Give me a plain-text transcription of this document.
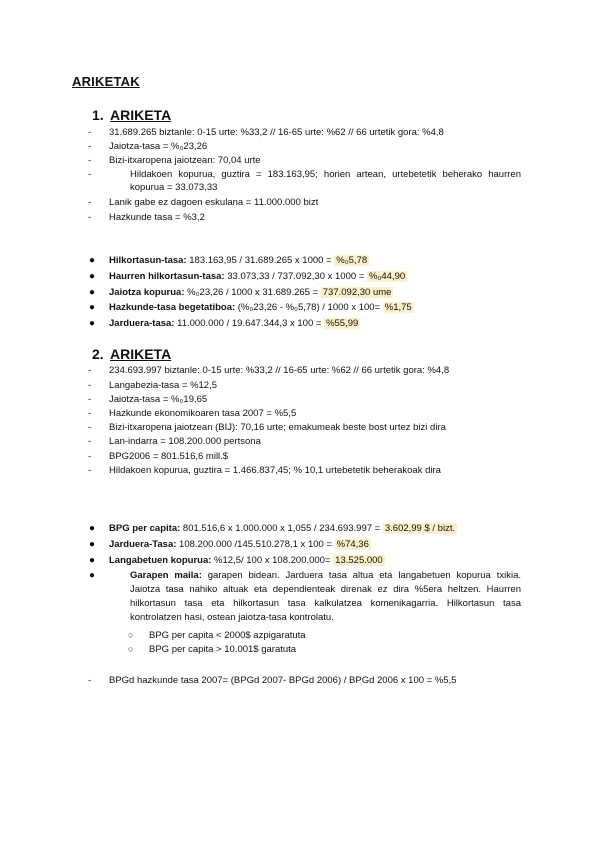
ARIKETAK
1. ARIKETA
-	31.689.265 biztanle: 0-15 urte: %33,2 // 16-65 urte: %62 // 66 urtetik gora: %4,8
-	Jaiotza-tasa = %₀23,26
-	Bizi-itxaropena jaiotzean: 70,04 urte
-	Hildakoen kopurua, guztira = 183.163,95; horien artean, urtebetetik beherako haurren kopurua = 33.073,33
-	Lanik gabe ez dagoen eskulana = 11.000.000 bizt
-	Hazkunde tasa = %3,2
●	Hilkortasun-tasa: 183.163,95 / 31.689.265 x 1000 = %₀5,78
●	Haurren hilkortasun-tasa: 33.073,33 / 737.092,30 x 1000 = %₀44,90
●	Jaiotza kopurua: %₀23,26 / 1000 x 31.689.265 = 737.092,30 ume
●	Hazkunde-tasa begetatiboa: (%₀23,26 - %₀5,78) / 1000 x 100= %1,75
●	Jarduera-tasa: 11.000.000 / 19.647.344,3 x 100 = %55,99
2. ARIKETA
-	234.693.997 biztanle: 0-15 urte: %33,2 // 16-65 urte: %62 // 66 urtetik gora: %4,8
-	Langabezia-tasa = %12,5
-	Jaiotza-tasa = %₀19,65
-	Hazkunde ekonomikoaren tasa 2007 = %5,5
-	Bizi-itxaropena jaiotzean (BIJ): 70,16 urte; emakumeak beste bost urtez bizi dira
-	Lan-indarra = 108.200.000 pertsona
-	BPG2006 = 801.516,6 mill.$
-	Hildakoen kopurua, guztira = 1.466.837,45; % 10,1 urtebetetik beherakoak dira
●	BPG per capita: 801.516,6 x 1.000.000 x 1,055 / 234.693.997 = 3.602,99 $ / bizt.
●	Jarduera-Tasa: 108.200.000 /145.510.278,1 x 100 = %74,36
●	Langabetuen kopurua: %12,5/ 100 x 108.200.000= 13.525.000
●	Garapen maila: garapen bidean. Jarduera tasa altua eta langabetuen kopurua txikia. Jaiotza tasa nahiko altuak eta dependienteak direnak ez dira %5era heltzen. Haurren hilkortasun tasa eta hilkortasun tasa kalkulatzea komenikagarria. Hilkortasun tasa kontrolatzen hasi, ostean jaiotza-tasa kontrolatu.
○	BPG per capita < 2000$ azpigaratuta
○	BPG per capita > 10.001$ garatuta
-	BPGd hazkunde tasa 2007= (BPGd 2007- BPGd 2006) / BPGd 2006 x 100 = %5,5
